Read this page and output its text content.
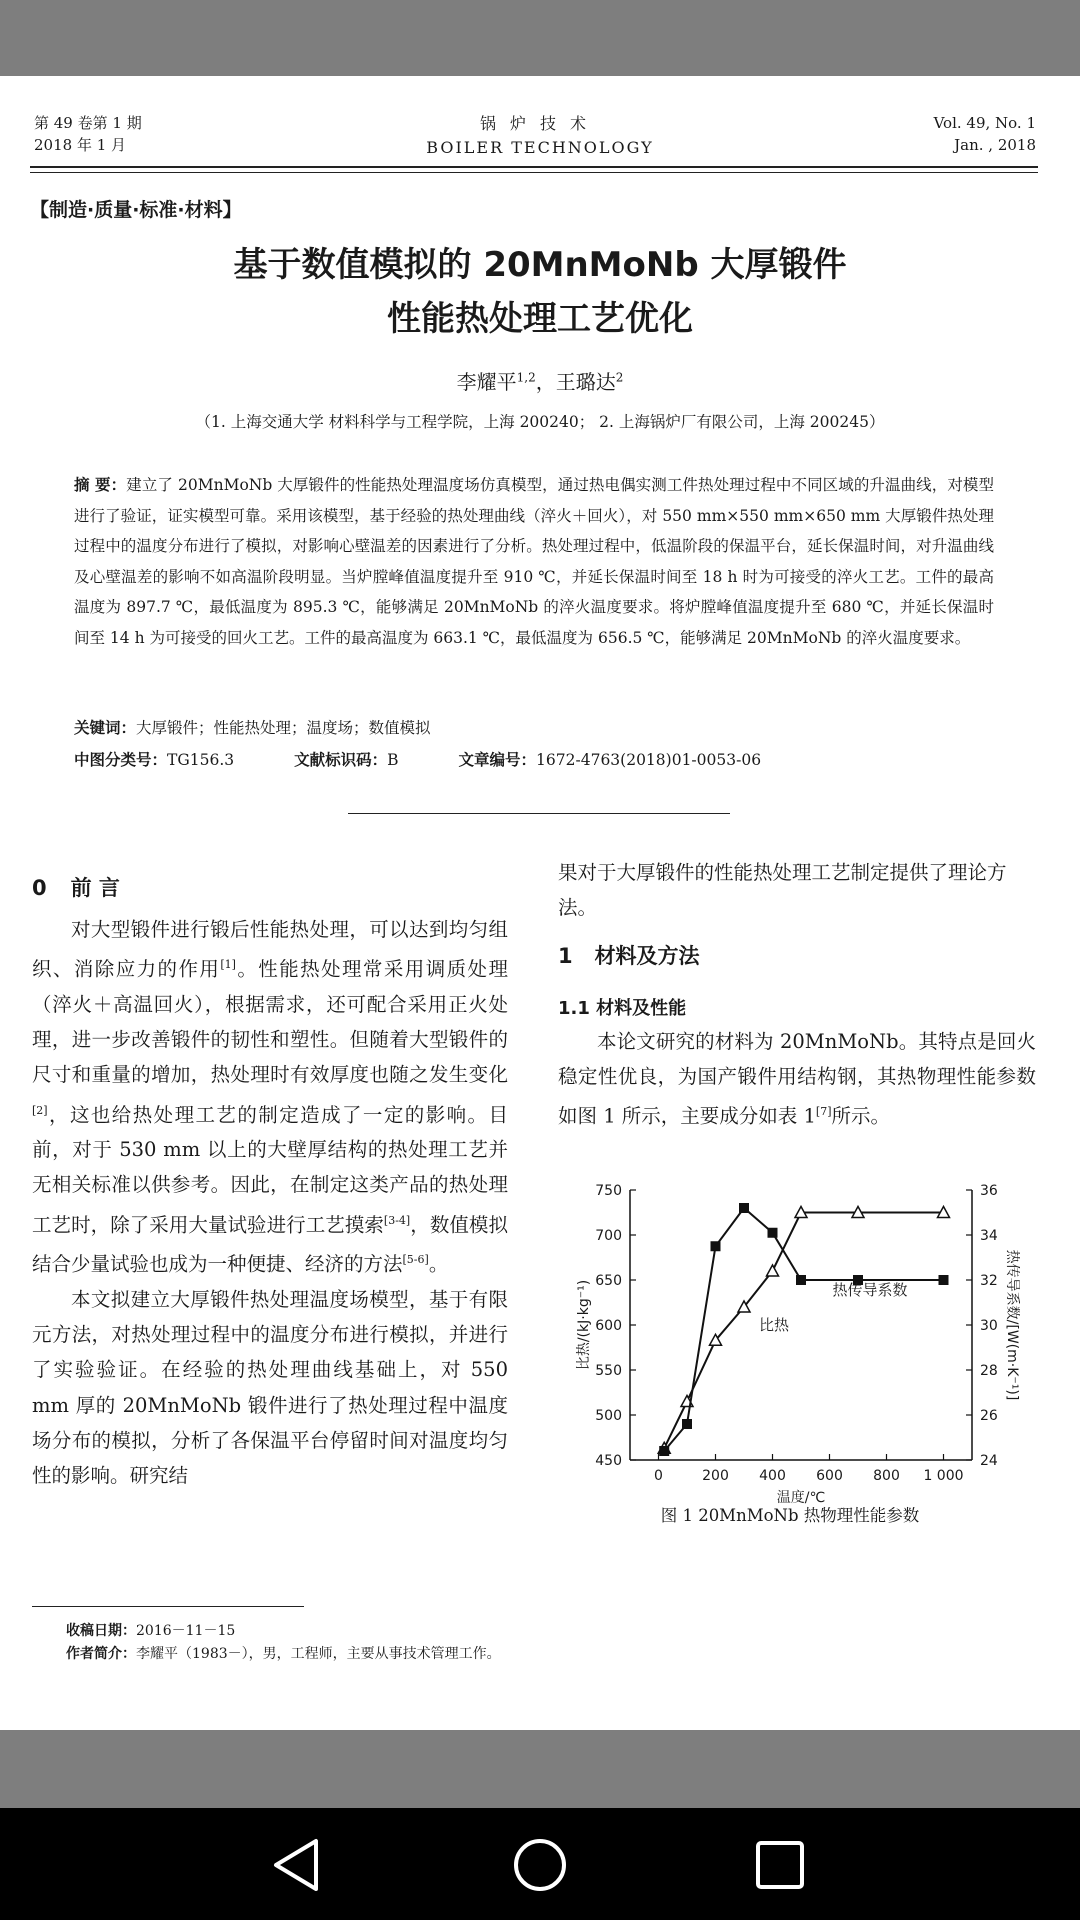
第 49 卷第 1 期
2018 年 1 月
锅炉技术
BOILER TECHNOLOGY
Vol. 49, No. 1
Jan. , 2018
【制造·质量·标准·材料】
基于数值模拟的 20MnMoNb 大厚锻件
性能热处理工艺优化
李耀平$^{1,2}$，王璐达$^2$
（1. 上海交通大学 材料科学与工程学院，上海 200240； 2. 上海锅炉厂有限公司，上海 200245）
摘 要：建立了 20MnMoNb 大厚锻件的性能热处理温度场仿真模型，通过热电偶实测工件热处理过程中不同区域的升温曲线，对模型进行了验证，证实模型可靠。采用该模型，基于经验的热处理曲线（淬火＋回火），对 550 mm×550 mm×650 mm 大厚锻件热处理过程中的温度分布进行了模拟，对影响心壁温差的因素进行了分析。热处理过程中，低温阶段的保温平台，延长保温时间，对升温曲线及心壁温差的影响不如高温阶段明显。当炉膛峰值温度提升至 910 ℃，并延长保温时间至 18 h 时为可接受的淬火工艺。工件的最高温度为 897.7 ℃，最低温度为 895.3 ℃，能够满足 20MnMoNb 的淬火温度要求。将炉膛峰值温度提升至 680 ℃，并延长保温时间至 14 h 为可接受的回火工艺。工件的最高温度为 663.1 ℃，最低温度为 656.5 ℃，能够满足 20MnMoNb 的淬火温度要求。
关键词：大厚锻件；性能热处理；温度场；数值模拟
中图分类号：TG156.3	文献标识码：B	文章编号：1672-4763(2018)01-0053-06
0 前 言

对大型锻件进行锻后性能热处理，可以达到均匀组织、消除应力的作用[1]。性能热处理常采用调质处理（淬火＋高温回火），根据需求，还可配合采用正火处理，进一步改善锻件的韧性和塑性。但随着大型锻件的尺寸和重量的增加，热处理时有效厚度也随之发生变化[2]，这也给热处理工艺的制定造成了一定的影响。目前，对于 530 mm 以上的大壁厚结构的热处理工艺并无相关标准以供参考。因此，在制定这类产品的热处理工艺时，除了采用大量试验进行工艺摸索[3-4]，数值模拟结合少量试验也成为一种便捷、经济的方法[5-6]。

本文拟建立大厚锻件热处理温度场模型，基于有限元方法，对热处理过程中的温度分布进行模拟，并进行了实验验证。在经验的热处理曲线基础上，对 550 mm 厚的 20MnMoNb 锻件进行了热处理过程中温度场分布的模拟，分析了各保温平台停留时间对温度均匀性的影响。研究结

果对于大厚锻件的性能热处理工艺制定提供了理论方法。
1 材料及方法
1.1 材料及性能

本论文研究的材料为 20MnMoNb。其特点是回火稳定性优良，为国产锻件用结构钢，其热物理性能参数如图 1 所示，主要成分如表 1[7]所示。

0	200 400 600 800 1 000
450
500
550
600
650
700
750
24
26
28
30
32
34
36
温度/℃
比热/(kJ·kg⁻¹)	热传导系数/[W(m·K⁻¹)]
比热
热传导系数
图 1 20MnMoNb 热物理性能参数
收稿日期：2016－11－15
作者简介：李耀平（1983－），男，工程师，主要从事技术管理工作。
